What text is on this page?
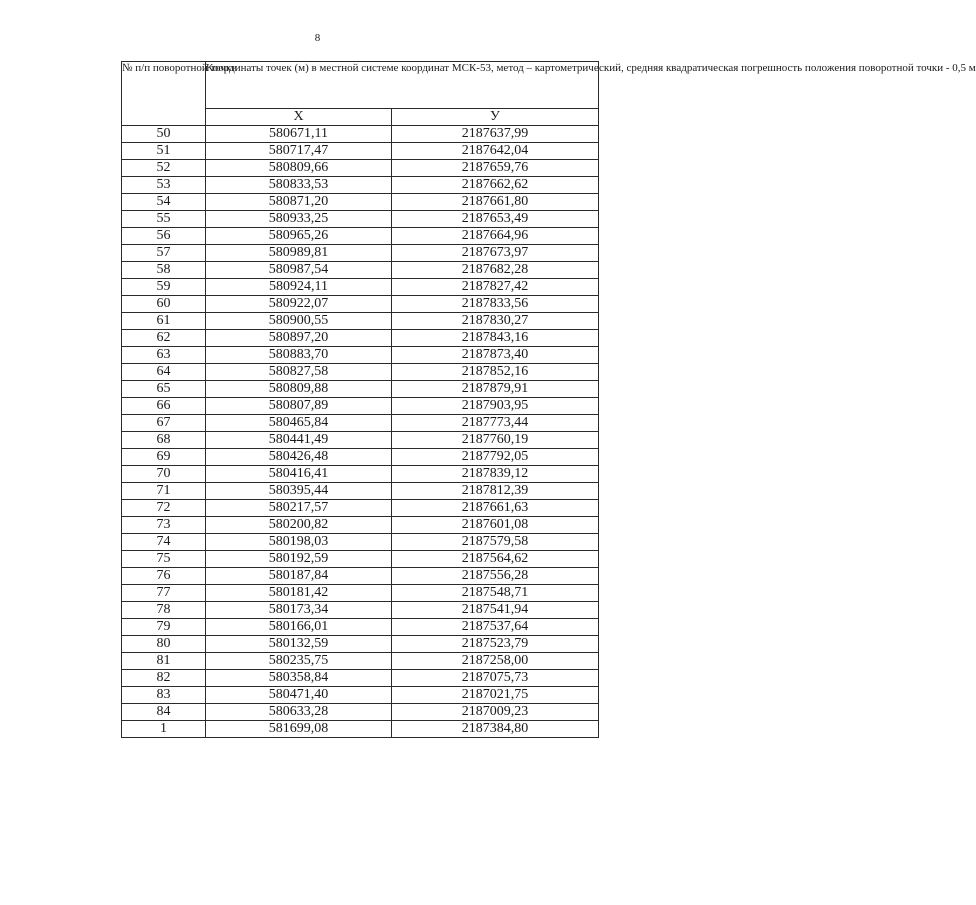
8
№ п/п поворотной точки	Координаты точек (м) в местной системе координат МСК-53, метод – картометрический, средняя квадратическая погрешность положения поворотной точки - 0,5 м	
	X	У
50	580671,11	2187637,99
51	580717,47	2187642,04
52	580809,66	2187659,76
53	580833,53	2187662,62
54	580871,20	2187661,80
55	580933,25	2187653,49
56	580965,26	2187664,96
57	580989,81	2187673,97
58	580987,54	2187682,28
59	580924,11	2187827,42
60	580922,07	2187833,56
61	580900,55	2187830,27
62	580897,20	2187843,16
63	580883,70	2187873,40
64	580827,58	2187852,16
65	580809,88	2187879,91
66	580807,89	2187903,95
67	580465,84	2187773,44
68	580441,49	2187760,19
69	580426,48	2187792,05
70	580416,41	2187839,12
71	580395,44	2187812,39
72	580217,57	2187661,63
73	580200,82	2187601,08
74	580198,03	2187579,58
75	580192,59	2187564,62
76	580187,84	2187556,28
77	580181,42	2187548,71
78	580173,34	2187541,94
79	580166,01	2187537,64
80	580132,59	2187523,79
81	580235,75	2187258,00
82	580358,84	2187075,73
83	580471,40	2187021,75
84	580633,28	2187009,23
1	581699,08	2187384,80
